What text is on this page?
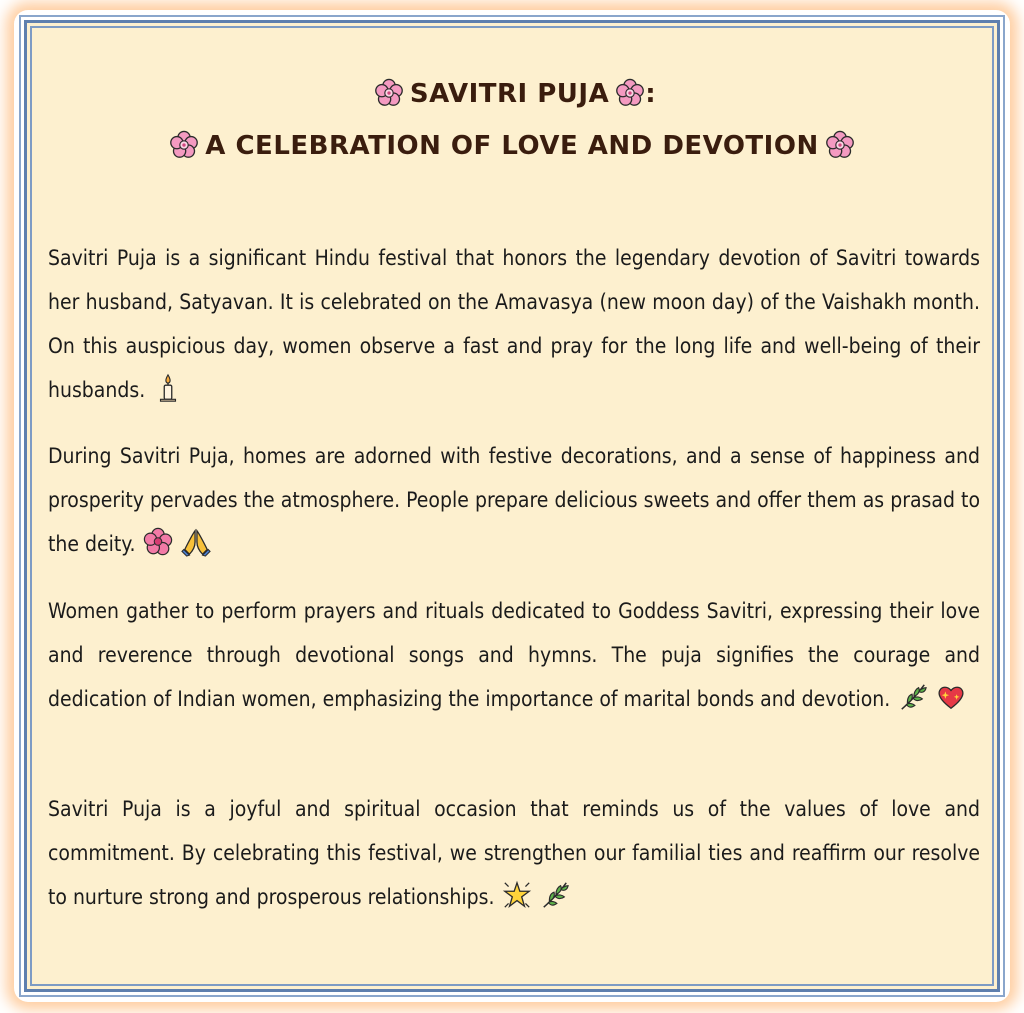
SAVITRI PUJA :
A CELEBRATION OF LOVE AND DEVOTION

Savitri Puja is a significant Hindu festival that honors the legendary devotion of Savitri towards her husband, Satyavan. It is celebrated on the Amavasya (new moon day) of the Vaishakh month. On this auspicious day, women observe a fast and pray for the long life and well-being of their husbands.

During Savitri Puja, homes are adorned with festive decorations, and a sense of happiness and prosperity pervades the atmosphere. People prepare delicious sweets and offer them as prasad to the deity.

Women gather to perform prayers and rituals dedicated to Goddess Savitri, expressing their love and reverence through devotional songs and hymns. The puja signifies the courage and dedication of Indian women, emphasizing the importance of marital bonds and devotion.

Savitri Puja is a joyful and spiritual occasion that reminds us of the values of love and commitment. By celebrating this festival, we strengthen our familial ties and reaffirm our resolve to nurture strong and prosperous relationships.
